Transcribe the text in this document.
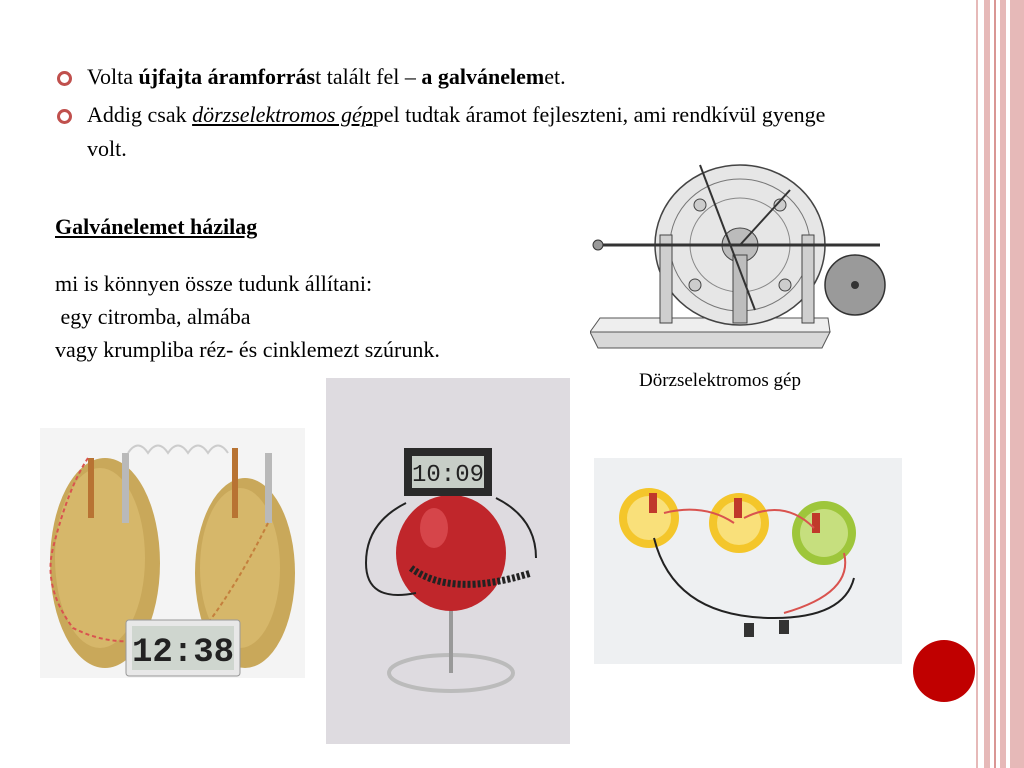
Volta újfajta áramforrást talált fel – a galvánelemet.
Addig csak dörzselektromos géppel tudtak áramot fejleszteni, ami rendkívül gyenge volt.
Galvánelemet házilag
mi is könnyen össze tudunk állítani:
egy citromba, almába
vagy krumpliba réz- és cinklemezt szúrunk.
Dörzselektromos gép
12:38
10:09
